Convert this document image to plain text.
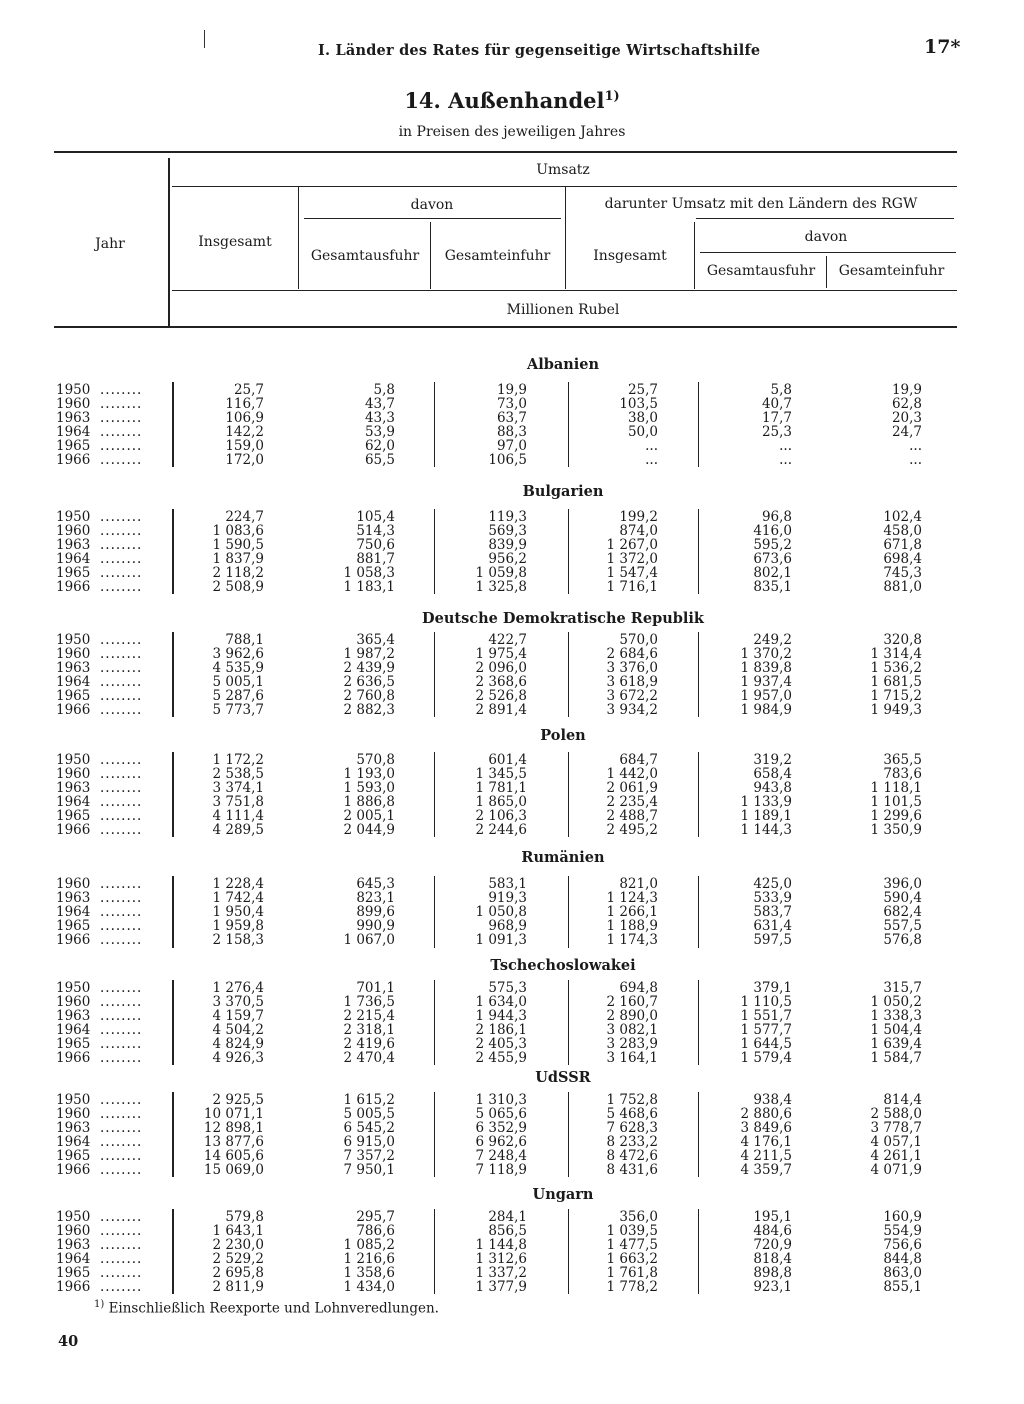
I. Länder des Rates für gegenseitige Wirtschaftshilfe	17*
14. Außenhandel$^{1)}$
in Preisen des jeweiligen Jahres
Jahr
Umsatz
Insgesamt
davon
Gesamtausfuhr	Gesamteinfuhr
darunter Umsatz mit den Ländern des RGW
Insgesamt
davon
Gesamtausfuhr	Gesamteinfuhr
Millionen Rubel
Albanien
1950 ........	25,7	5,8	19,9	25,7	5,8	19,9
1960 ........	116,7	43,7	73,0	103,5	40,7	62,8
1963 ........	106,9	43,3	63,7	38,0	17,7	20,3
1964 ........	142,2	53,9	88,3	50,0	25,3	24,7
1965 ........	159,0	62,0	97,0	...	...	...
1966 ........	172,0	65,5	106,5	...	...	...
Bulgarien
1950 ........	224,7	105,4	119,3	199,2	96,8	102,4
1960 ........	1 083,6	514,3	569,3	874,0	416,0	458,0
1963 ........	1 590,5	750,6	839,9	1 267,0	595,2	671,8
1964 ........	1 837,9	881,7	956,2	1 372,0	673,6	698,4
1965 ........	2 118,2	1 058,3	1 059,8	1 547,4	802,1	745,3
1966 ........	2 508,9	1 183,1	1 325,8	1 716,1	835,1	881,0
Deutsche Demokratische Republik
1950 ........	788,1	365,4	422,7	570,0	249,2	320,8
1960 ........	3 962,6	1 987,2	1 975,4	2 684,6	1 370,2	1 314,4
1963 ........	4 535,9	2 439,9	2 096,0	3 376,0	1 839,8	1 536,2
1964 ........	5 005,1	2 636,5	2 368,6	3 618,9	1 937,4	1 681,5
1965 ........	5 287,6	2 760,8	2 526,8	3 672,2	1 957,0	1 715,2
1966 ........	5 773,7	2 882,3	2 891,4	3 934,2	1 984,9	1 949,3
Polen
1950 ........	1 172,2	570,8	601,4	684,7	319,2	365,5
1960 ........	2 538,5	1 193,0	1 345,5	1 442,0	658,4	783,6
1963 ........	3 374,1	1 593,0	1 781,1	2 061,9	943,8	1 118,1
1964 ........	3 751,8	1 886,8	1 865,0	2 235,4	1 133,9	1 101,5
1965 ........	4 111,4	2 005,1	2 106,3	2 488,7	1 189,1	1 299,6
1966 ........	4 289,5	2 044,9	2 244,6	2 495,2	1 144,3	1 350,9
Rumänien
1960 ........	1 228,4	645,3	583,1	821,0	425,0	396,0
1963 ........	1 742,4	823,1	919,3	1 124,3	533,9	590,4
1964 ........	1 950,4	899,6	1 050,8	1 266,1	583,7	682,4
1965 ........	1 959,8	990,9	968,9	1 188,9	631,4	557,5
1966 ........	2 158,3	1 067,0	1 091,3	1 174,3	597,5	576,8
Tschechoslowakei
1950 ........	1 276,4	701,1	575,3	694,8	379,1	315,7
1960 ........	3 370,5	1 736,5	1 634,0	2 160,7	1 110,5	1 050,2
1963 ........	4 159,7	2 215,4	1 944,3	2 890,0	1 551,7	1 338,3
1964 ........	4 504,2	2 318,1	2 186,1	3 082,1	1 577,7	1 504,4
1965 ........	4 824,9	2 419,6	2 405,3	3 283,9	1 644,5	1 639,4
1966 ........	4 926,3	2 470,4	2 455,9	3 164,1	1 579,4	1 584,7
UdSSR
1950 ........	2 925,5	1 615,2	1 310,3	1 752,8	938,4	814,4
1960 ........	10 071,1	5 005,5	5 065,6	5 468,6	2 880,6	2 588,0
1963 ........	12 898,1	6 545,2	6 352,9	7 628,3	3 849,6	3 778,7
1964 ........	13 877,6	6 915,0	6 962,6	8 233,2	4 176,1	4 057,1
1965 ........	14 605,6	7 357,2	7 248,4	8 472,6	4 211,5	4 261,1
1966 ........	15 069,0	7 950,1	7 118,9	8 431,6	4 359,7	4 071,9
Ungarn
1950 ........	579,8	295,7	284,1	356,0	195,1	160,9
1960 ........	1 643,1	786,6	856,5	1 039,5	484,6	554,9
1963 ........	2 230,0	1 085,2	1 144,8	1 477,5	720,9	756,6
1964 ........	2 529,2	1 216,6	1 312,6	1 663,2	818,4	844,8
1965 ........	2 695,8	1 358,6	1 337,2	1 761,8	898,8	863,0
1966 ........	2 811,9	1 434,0	1 377,9	1 778,2	923,1	855,1
$^{1)}$ Einschließlich Reexporte und Lohnveredlungen.
40
